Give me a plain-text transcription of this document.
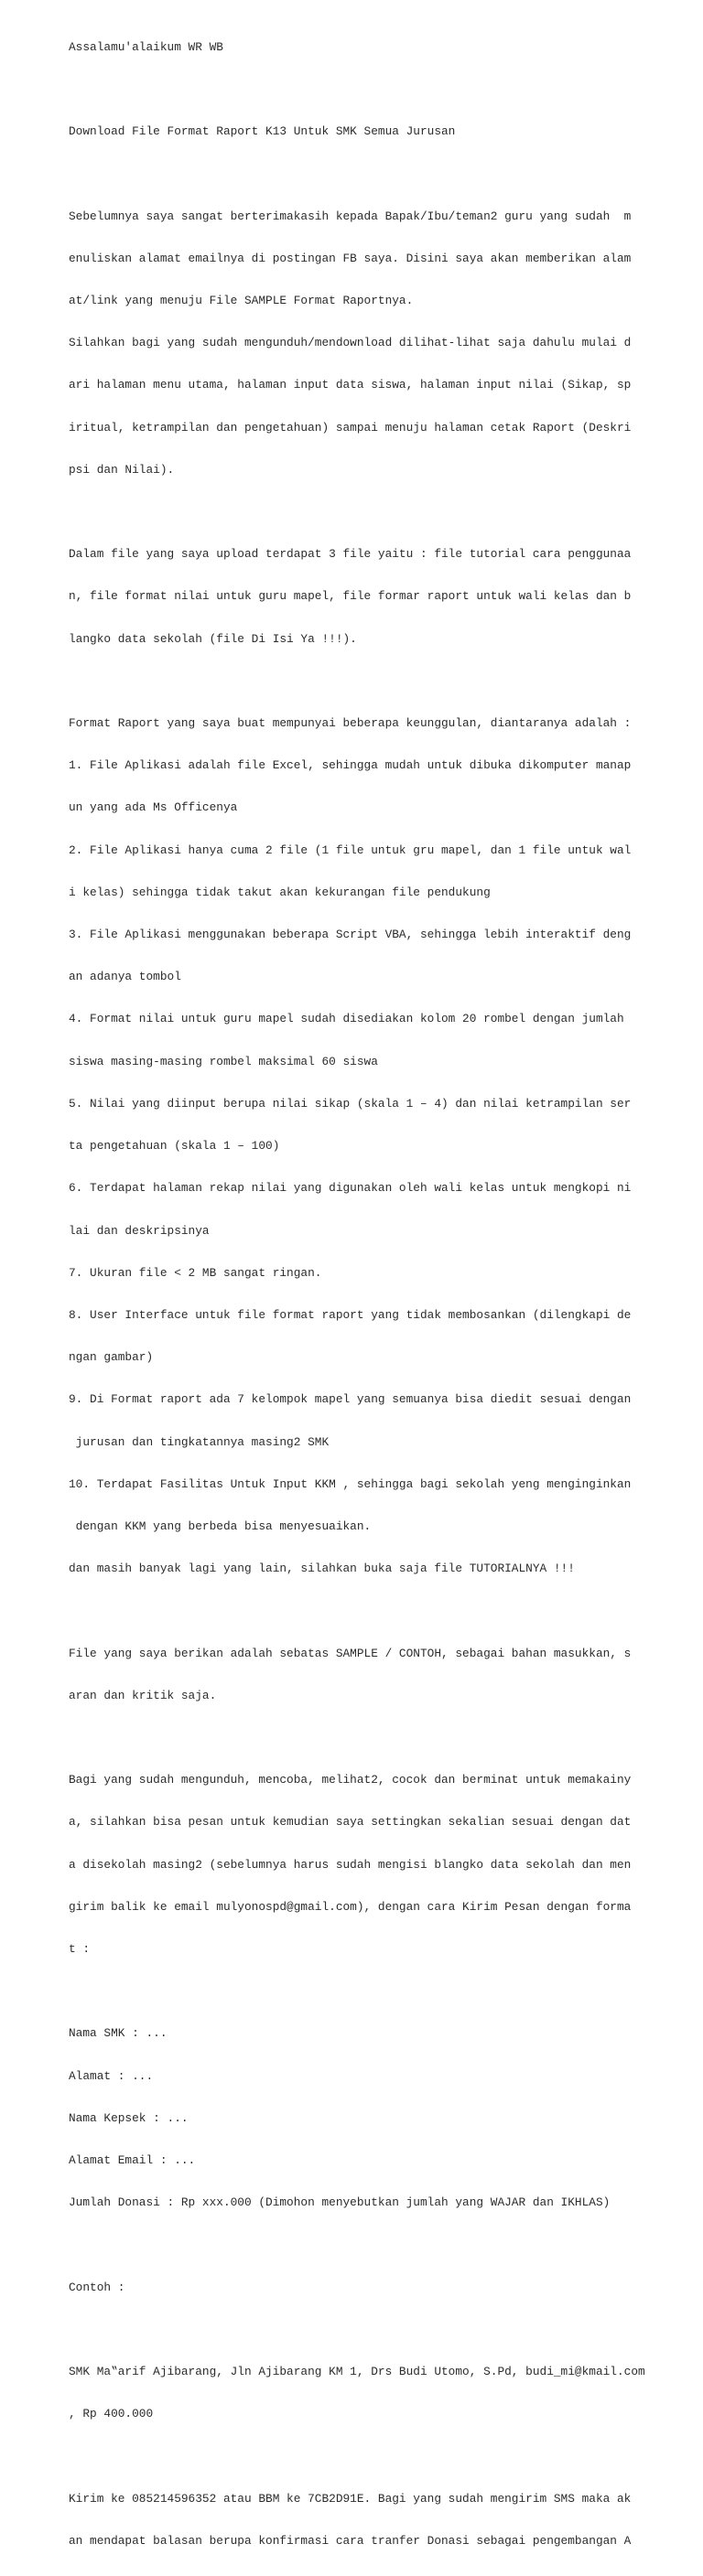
Assalamu'alaikum WR WB

Download File Format Raport K13 Untuk SMK Semua Jurusan

Sebelumnya saya sangat berterimakasih kepada Bapak/Ibu/teman2 guru yang sudah  m

enuliskan alamat emailnya di postingan FB saya. Disini saya akan memberikan alam

at/link yang menuju File SAMPLE Format Raportnya.

Silahkan bagi yang sudah mengunduh/mendownload dilihat-lihat saja dahulu mulai d

ari halaman menu utama, halaman input data siswa, halaman input nilai (Sikap, sp

iritual, ketrampilan dan pengetahuan) sampai menuju halaman cetak Raport (Deskri

psi dan Nilai).

Dalam file yang saya upload terdapat 3 file yaitu : file tutorial cara penggunaa

n, file format nilai untuk guru mapel, file formar raport untuk wali kelas dan b

langko data sekolah (file Di Isi Ya !!!).

Format Raport yang saya buat mempunyai beberapa keunggulan, diantaranya adalah :

1. File Aplikasi adalah file Excel, sehingga mudah untuk dibuka dikomputer manap

un yang ada Ms Officenya

2. File Aplikasi hanya cuma 2 file (1 file untuk gru mapel, dan 1 file untuk wal

i kelas) sehingga tidak takut akan kekurangan file pendukung

3. File Aplikasi menggunakan beberapa Script VBA, sehingga lebih interaktif deng

an adanya tombol

4. Format nilai untuk guru mapel sudah disediakan kolom 20 rombel dengan jumlah

siswa masing-masing rombel maksimal 60 siswa

5. Nilai yang diinput berupa nilai sikap (skala 1 – 4) dan nilai ketrampilan ser

ta pengetahuan (skala 1 – 100)

6. Terdapat halaman rekap nilai yang digunakan oleh wali kelas untuk mengkopi ni

lai dan deskripsinya

7. Ukuran file < 2 MB sangat ringan.

8. User Interface untuk file format raport yang tidak membosankan (dilengkapi de

ngan gambar)

9. Di Format raport ada 7 kelompok mapel yang semuanya bisa diedit sesuai dengan

jurusan dan tingkatannya masing2 SMK

10. Terdapat Fasilitas Untuk Input KKM , sehingga bagi sekolah yeng menginginkan

dengan KKM yang berbeda bisa menyesuaikan.

dan masih banyak lagi yang lain, silahkan buka saja file TUTORIALNYA !!!

File yang saya berikan adalah sebatas SAMPLE / CONTOH, sebagai bahan masukkan, s

aran dan kritik saja.

Bagi yang sudah mengunduh, mencoba, melihat2, cocok dan berminat untuk memakainy

a, silahkan bisa pesan untuk kemudian saya settingkan sekalian sesuai dengan dat

a disekolah masing2 (sebelumnya harus sudah mengisi blangko data sekolah dan men

girim balik ke email mulyonospd@gmail.com), dengan cara Kirim Pesan dengan forma

t :

Nama SMK : ...

Alamat : ...

Nama Kepsek : ...

Alamat Email : ...

Jumlah Donasi : Rp xxx.000 (Dimohon menyebutkan jumlah yang WAJAR dan IKHLAS)

Contoh :

SMK Ma‟arif Ajibarang, Jln Ajibarang KM 1, Drs Budi Utomo, S.Pd, budi_mi@kmail.com

, Rp 400.000

Kirim ke 085214596352 atau BBM ke 7CB2D91E. Bagi yang sudah mengirim SMS maka ak

an mendapat balasan berupa konfirmasi cara tranfer Donasi sebagai pengembangan A
